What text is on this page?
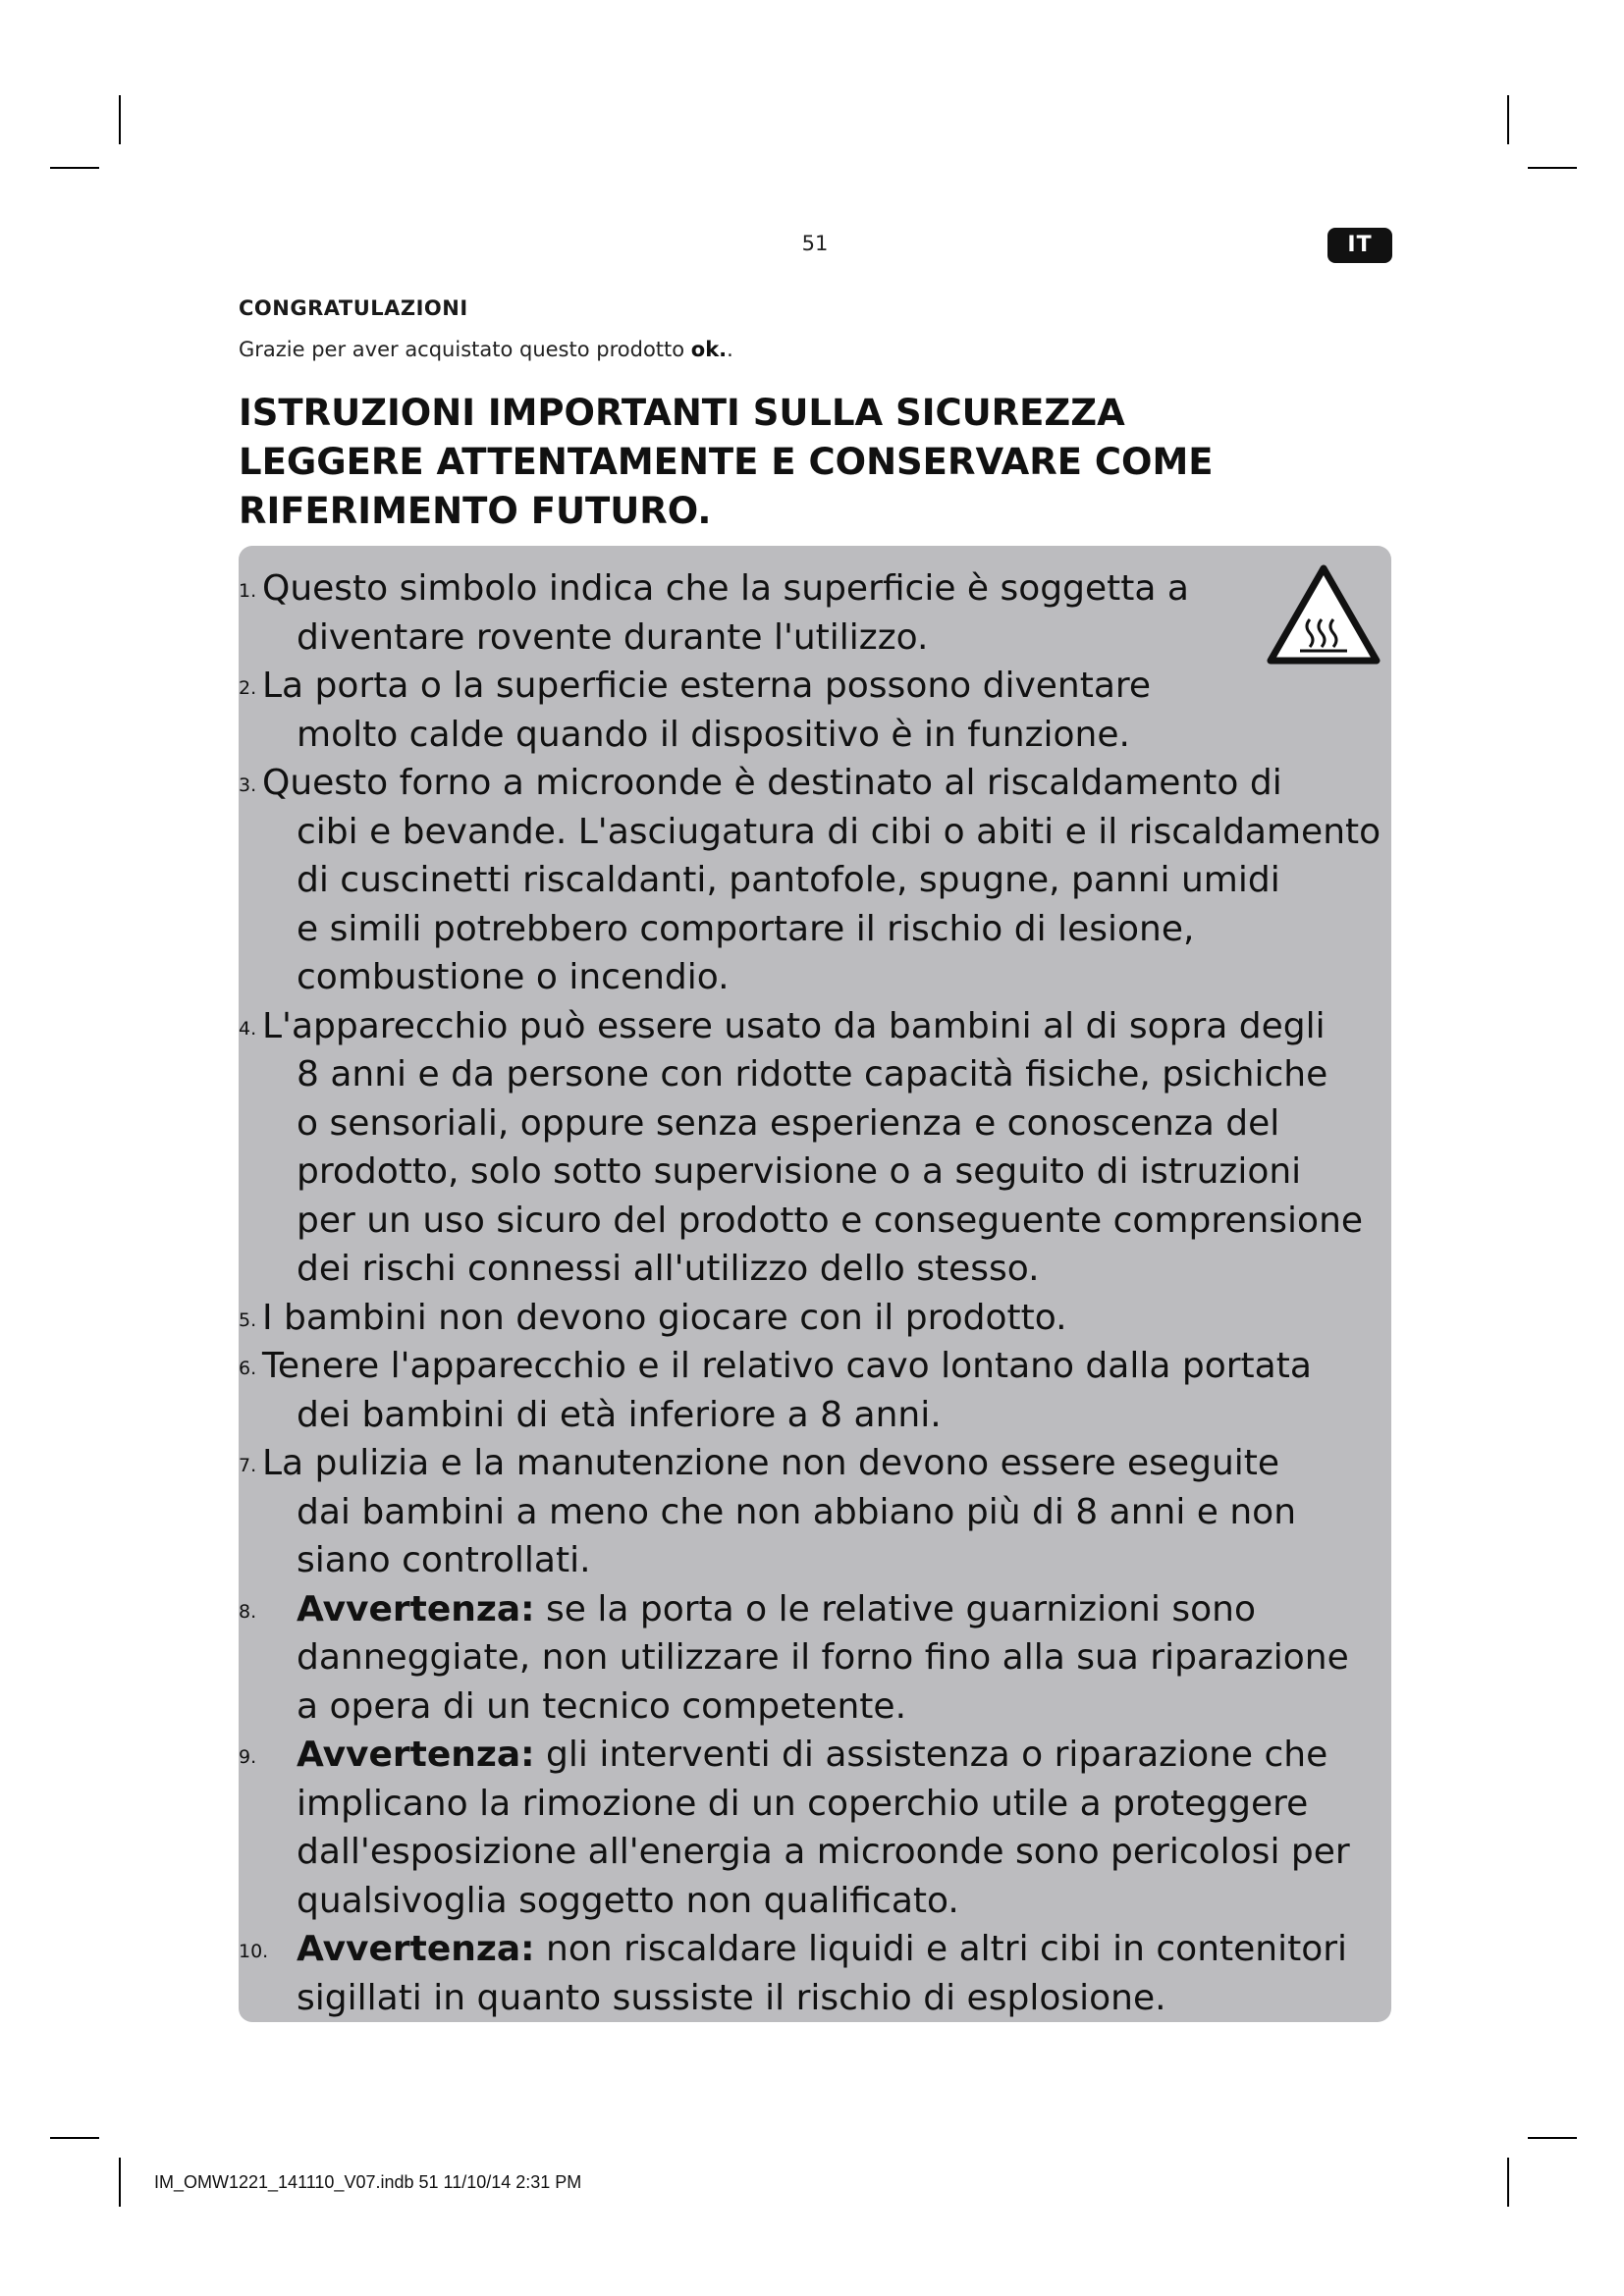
51	IT
CONGRATULAZIONI
Grazie per aver acquistato questo prodotto ok..
ISTRUZIONI IMPORTANTI SULLA SICUREZZA LEGGERE ATTENTAMENTE E CONSERVARE COME RIFERIMENTO FUTURO.
1. Questo simbolo indica che la superficie è soggetta a
diventare rovente durante l'utilizzo.
2. La porta o la superficie esterna possono diventare
molto calde quando il dispositivo è in funzione.
3. Questo forno a microonde è destinato al riscaldamento di
cibi e bevande. L'asciugatura di cibi o abiti e il riscaldamento
di cuscinetti riscaldanti, pantofole, spugne, panni umidi
e simili potrebbero comportare il rischio di lesione,
combustione o incendio.
4. L'apparecchio può essere usato da bambini al di sopra degli
8 anni e da persone con ridotte capacità fisiche, psichiche
o sensoriali, oppure senza esperienza e conoscenza del
prodotto, solo sotto supervisione o a seguito di istruzioni
per un uso sicuro del prodotto e conseguente comprensione
dei rischi connessi all'utilizzo dello stesso.
5. I bambini non devono giocare con il prodotto.
6. Tenere l'apparecchio e il relativo cavo lontano dalla portata
dei bambini di età inferiore a 8 anni.
7. La pulizia e la manutenzione non devono essere eseguite
dai bambini a meno che non abbiano più di 8 anni e non
siano controllati.
8.	Avvertenza: se la porta o le relative guarnizioni sono
danneggiate, non utilizzare il forno fino alla sua riparazione
a opera di un tecnico competente.
9.	Avvertenza: gli interventi di assistenza o riparazione che
implicano la rimozione di un coperchio utile a proteggere
dall'esposizione all'energia a microonde sono pericolosi per
qualsivoglia soggetto non qualificato.
10. Avvertenza: non riscaldare liquidi e altri cibi in contenitori
sigillati in quanto sussiste il rischio di esplosione.
IM_OMW1221_141110_V07.indb 51 11/10/14 2:31 PM
